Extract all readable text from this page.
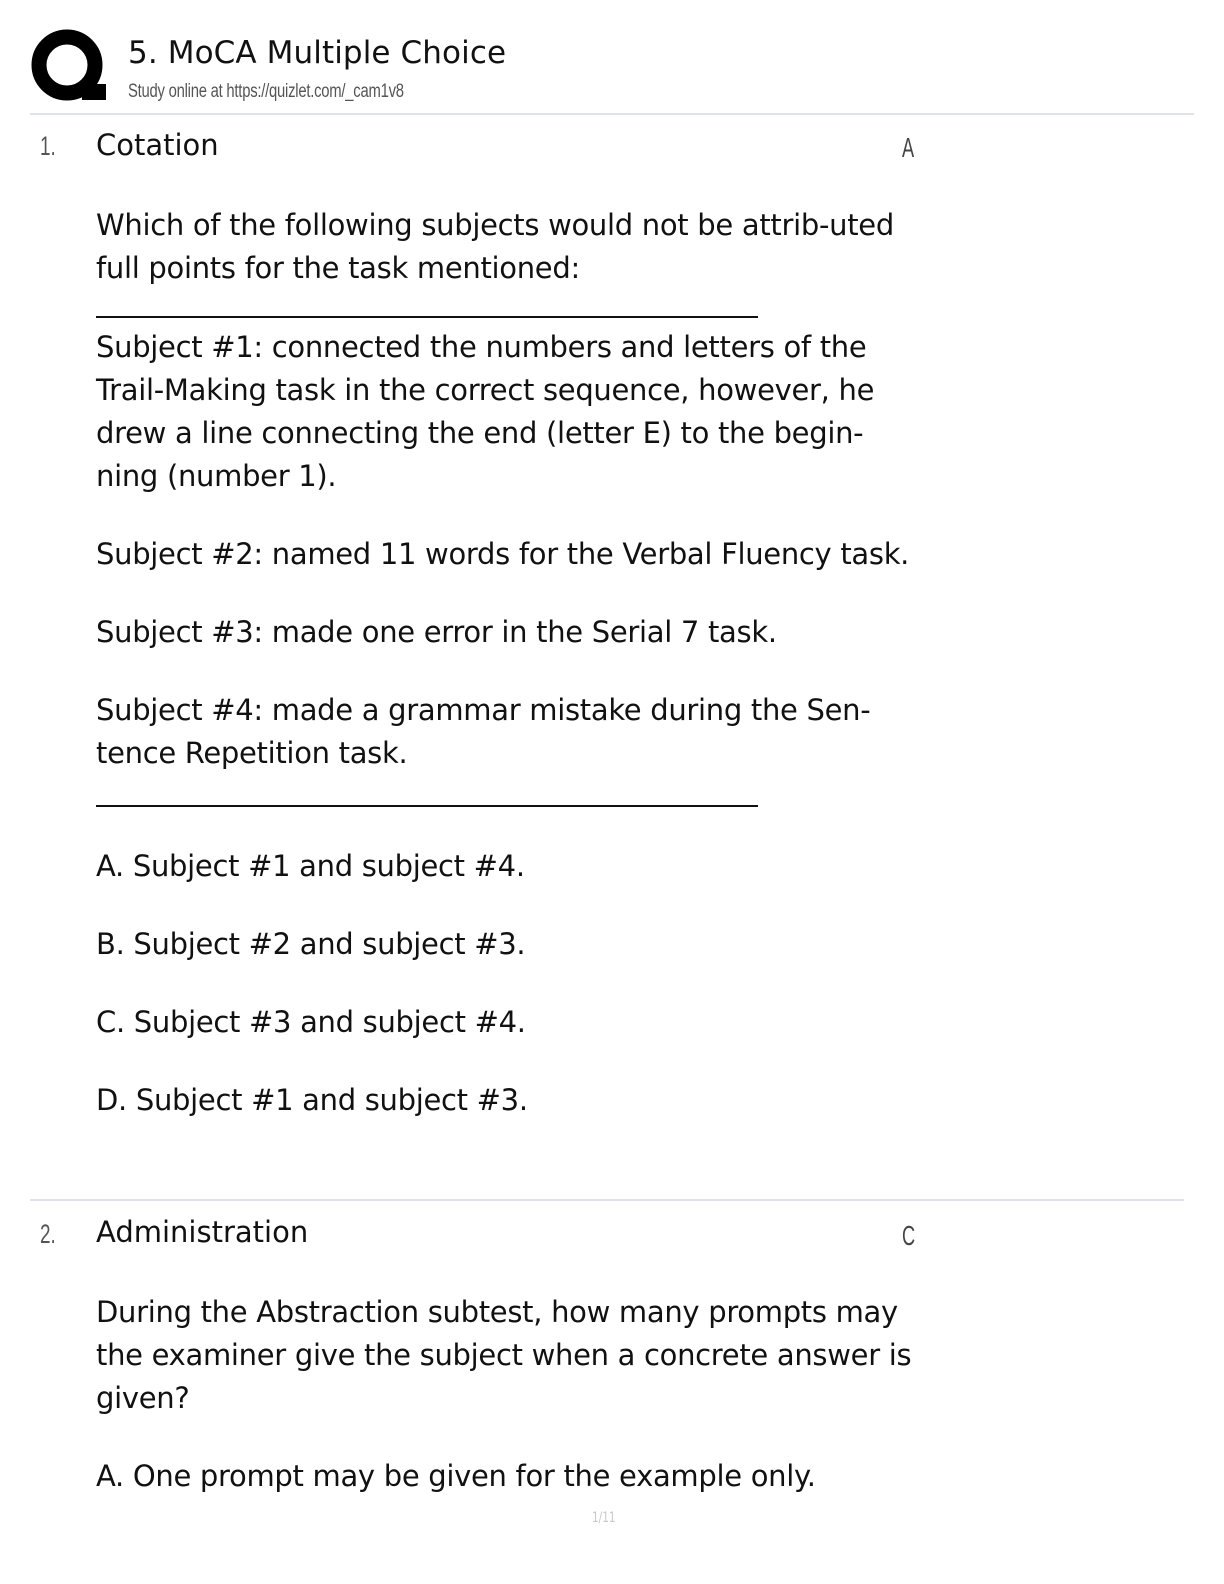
5. MoCA Multiple Choice
Study online at https://quizlet.com/_cam1v8
1. Cotation	A

Which of the following subjects would not be attrib-uted full points for the task mentioned:

Subject #1: connected the numbers and letters of the Trail-Making task in the correct sequence, however, he drew a line connecting the end (letter E) to the begin-ning (number 1).

Subject #2: named 11 words for the Verbal Fluency task.

Subject #3: made one error in the Serial 7 task.

Subject #4: made a grammar mistake during the Sen-tence Repetition task.

A. Subject #1 and subject #4.

B. Subject #2 and subject #3.

C. Subject #3 and subject #4.

D. Subject #1 and subject #3.

2. Administration	C

During the Abstraction subtest, how many prompts may the examiner give the subject when a concrete answer is given?

A. One prompt may be given for the example only.

1/11
